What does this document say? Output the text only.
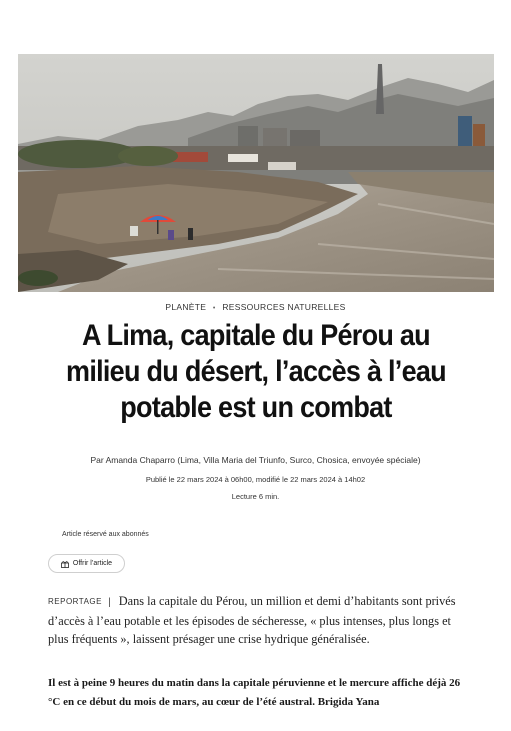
RUBI HARPER POUR « LE MONDE »
PLANÈTE • RESSOURCES NATURELLES
A Lima, capitale du Pérou au milieu du désert, l’accès à l’eau potable est un combat
Par Amanda Chaparro (Lima, Villa Maria del Triunfo, Surco, Chosica, envoyée spéciale)
Publié le 22 mars 2024 à 06h00, modifié le 22 mars 2024 à 14h02
Lecture 6 min.
Article réservé aux abonnés
Offrir l’article

REPORTAGE | Dans la capitale du Pérou, un million et demi d’habitants sont privés d’accès à l’eau potable et les épisodes de sécheresse, « plus intenses, plus longs et plus fréquents », laissent présager une crise hydrique généralisée.

Il est à peine 9 heures du matin dans la capitale péruvienne et le mercure affiche déjà 26 °C en ce début du mois de mars, au cœur de l’été austral. Brigida Yana
